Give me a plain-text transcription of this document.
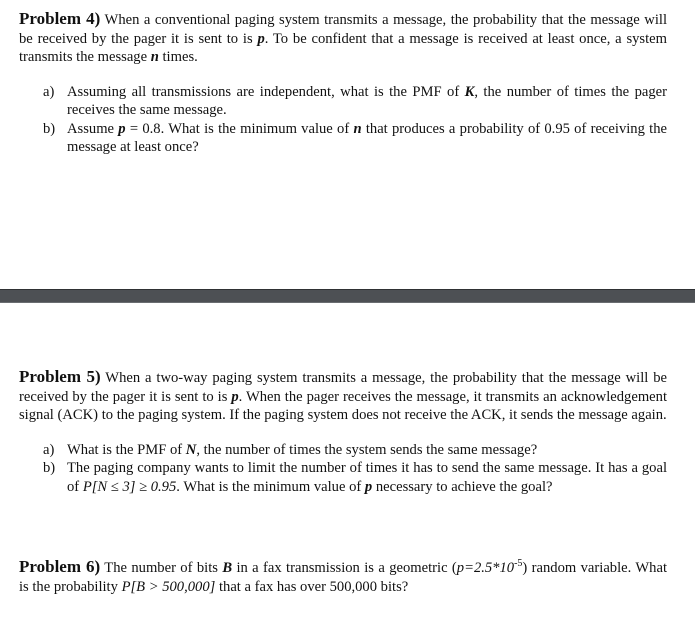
Problem 4) When a conventional paging system transmits a message, the probability that the message will be received by the pager it is sent to is p. To be confident that a message is received at least once, a system transmits the message n times.

a) Assuming all transmissions are independent, what is the PMF of K, the number of times the pager receives the same message.
b) Assume p = 0.8. What is the minimum value of n that produces a probability of 0.95 of receiving the message at least once?

Problem 5) When a two-way paging system transmits a message, the probability that the message will be received by the pager it is sent to is p. When the pager receives the message, it transmits an acknowledgement signal (ACK) to the paging system. If the paging system does not receive the ACK, it sends the message again.

a) What is the PMF of N, the number of times the system sends the same message?
b) The paging company wants to limit the number of times it has to send the same message. It has a goal of P[N ≤ 3] ≥ 0.95. What is the minimum value of p necessary to achieve the goal?

Problem 6) The number of bits B in a fax transmission is a geometric $(p=2.5*10^{-5})$ random variable. What is the probability P[B > 500,000] that a fax has over 500,000 bits?
